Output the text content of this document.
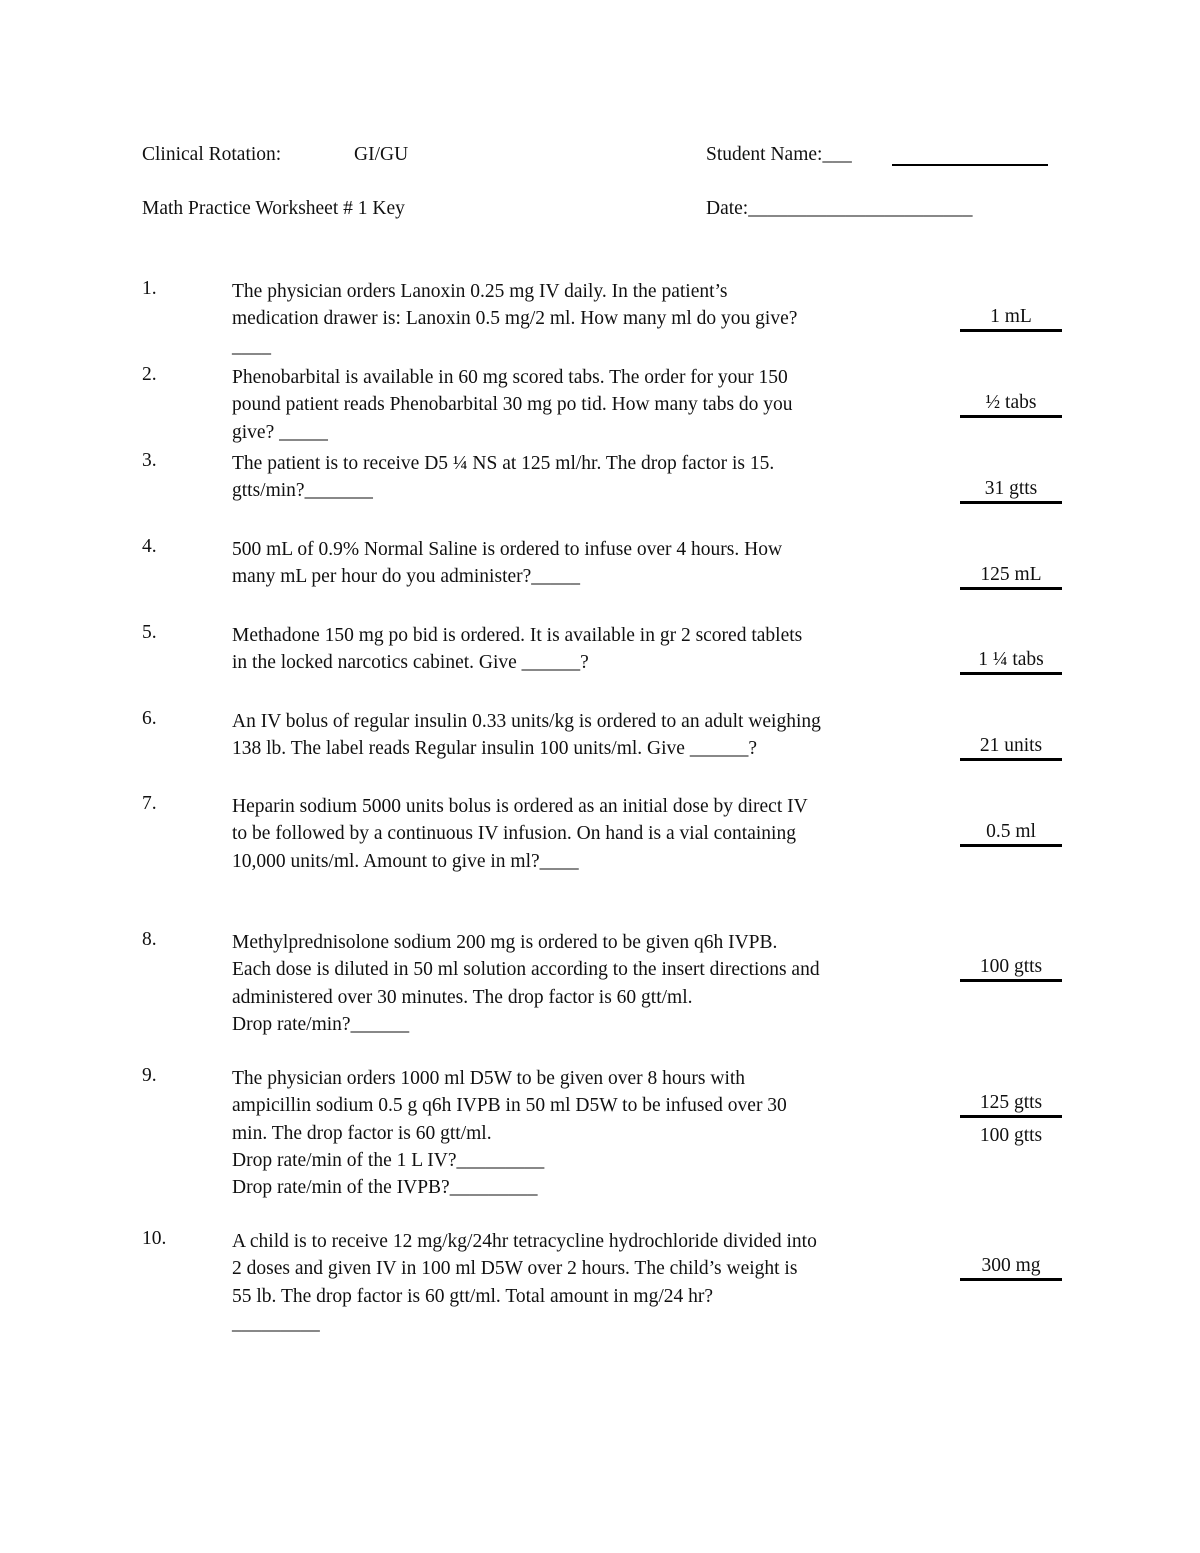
Clinical Rotation:	GI/GU	Student Name:___
Math Practice Worksheet # 1 Key	Date:_______________________
1.	The physician orders Lanoxin 0.25 mg IV daily. In the patient’s
medication drawer is: Lanoxin 0.5 mg/2 ml. How many ml do you give?
____
1 mL
2.	Phenobarbital is available in 60 mg scored tabs. The order for your 150
pound patient reads Phenobarbital 30 mg po tid. How many tabs do you
give? _____
½ tabs
3.	The patient is to receive D5 ¼ NS at 125 ml/hr. The drop factor is 15.
gtts/min?_______	31 gtts
4.	500 mL of 0.9% Normal Saline is ordered to infuse over 4 hours. How
many mL per hour do you administer?_____	125 mL
5.	Methadone 150 mg po bid is ordered. It is available in gr 2 scored tablets
in the locked narcotics cabinet. Give ______?	1 ¼ tabs
6.	An IV bolus of regular insulin 0.33 units/kg is ordered to an adult weighing
138 lb. The label reads Regular insulin 100 units/ml. Give ______?	21 units
7.	Heparin sodium 5000 units bolus is ordered as an initial dose by direct IV
to be followed by a continuous IV infusion. On hand is a vial containing
10,000 units/ml. Amount to give in ml?____
0.5 ml
8.	Methylprednisolone sodium 200 mg is ordered to be given q6h IVPB.
Each dose is diluted in 50 ml solution according to the insert directions and
administered over 30 minutes. The drop factor is 60 gtt/ml.
Drop rate/min?______
100 gtts
9.	The physician orders 1000 ml D5W to be given over 8 hours with
ampicillin sodium 0.5 g q6h IVPB in 50 ml D5W to be infused over 30
min. The drop factor is 60 gtt/ml.
Drop rate/min of the 1 L IV?_________
Drop rate/min of the IVPB?_________
125 gtts
100 gtts
10.	A child is to receive 12 mg/kg/24hr tetracycline hydrochloride divided into
2 doses and given IV in 100 ml D5W over 2 hours. The child’s weight is
55 lb. The drop factor is 60 gtt/ml. Total amount in mg/24 hr?
_________
300 mg
